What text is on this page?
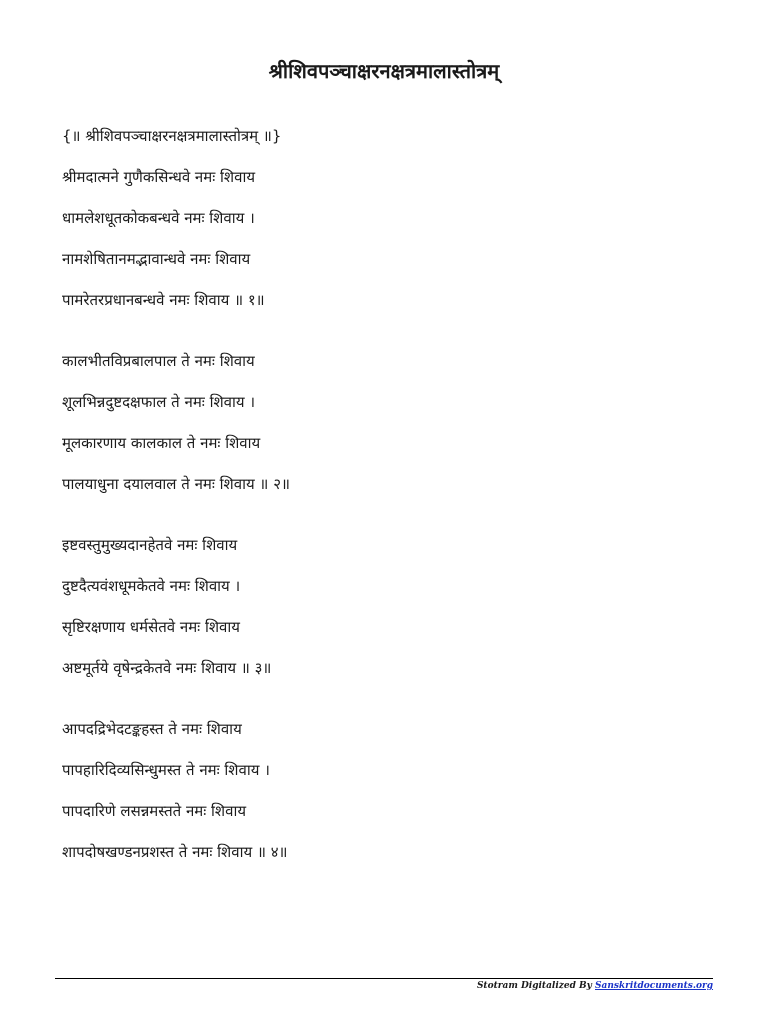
श्रीशिवपञ्चाक्षरनक्षत्रमालास्तोत्रम्
{॥ श्रीशिवपञ्चाक्षरनक्षत्रमालास्तोत्रम् ॥}
श्रीमदात्मने गुणैकसिन्धवे नमः शिवाय
धामलेशधूतकोकबन्धवे नमः शिवाय ।
नामशेषितानमद्भावान्धवे नमः शिवाय
पामरेतरप्रधानबन्धवे नमः शिवाय ॥ १॥
कालभीतविप्रबालपाल ते नमः शिवाय
शूलभिन्नदुष्टदक्षफाल ते नमः शिवाय ।
मूलकारणाय कालकाल ते नमः शिवाय
पालयाधुना दयालवाल ते नमः शिवाय ॥ २॥
इष्टवस्तुमुख्यदानहेतवे नमः शिवाय
दुष्टदैत्यवंशधूमकेतवे नमः शिवाय ।
सृष्टिरक्षणाय धर्मसेतवे नमः शिवाय
अष्टमूर्तये वृषेन्द्रकेतवे नमः शिवाय ॥ ३॥
आपदद्रिभेदटङ्कहस्त ते नमः शिवाय
पापहारिदिव्यसिन्धुमस्त ते नमः शिवाय ।
पापदारिणे लसन्नमस्तते नमः शिवाय
शापदोषखण्डनप्रशस्त ते नमः शिवाय ॥ ४॥
Stotram Digitalized By Sanskritdocuments.org
